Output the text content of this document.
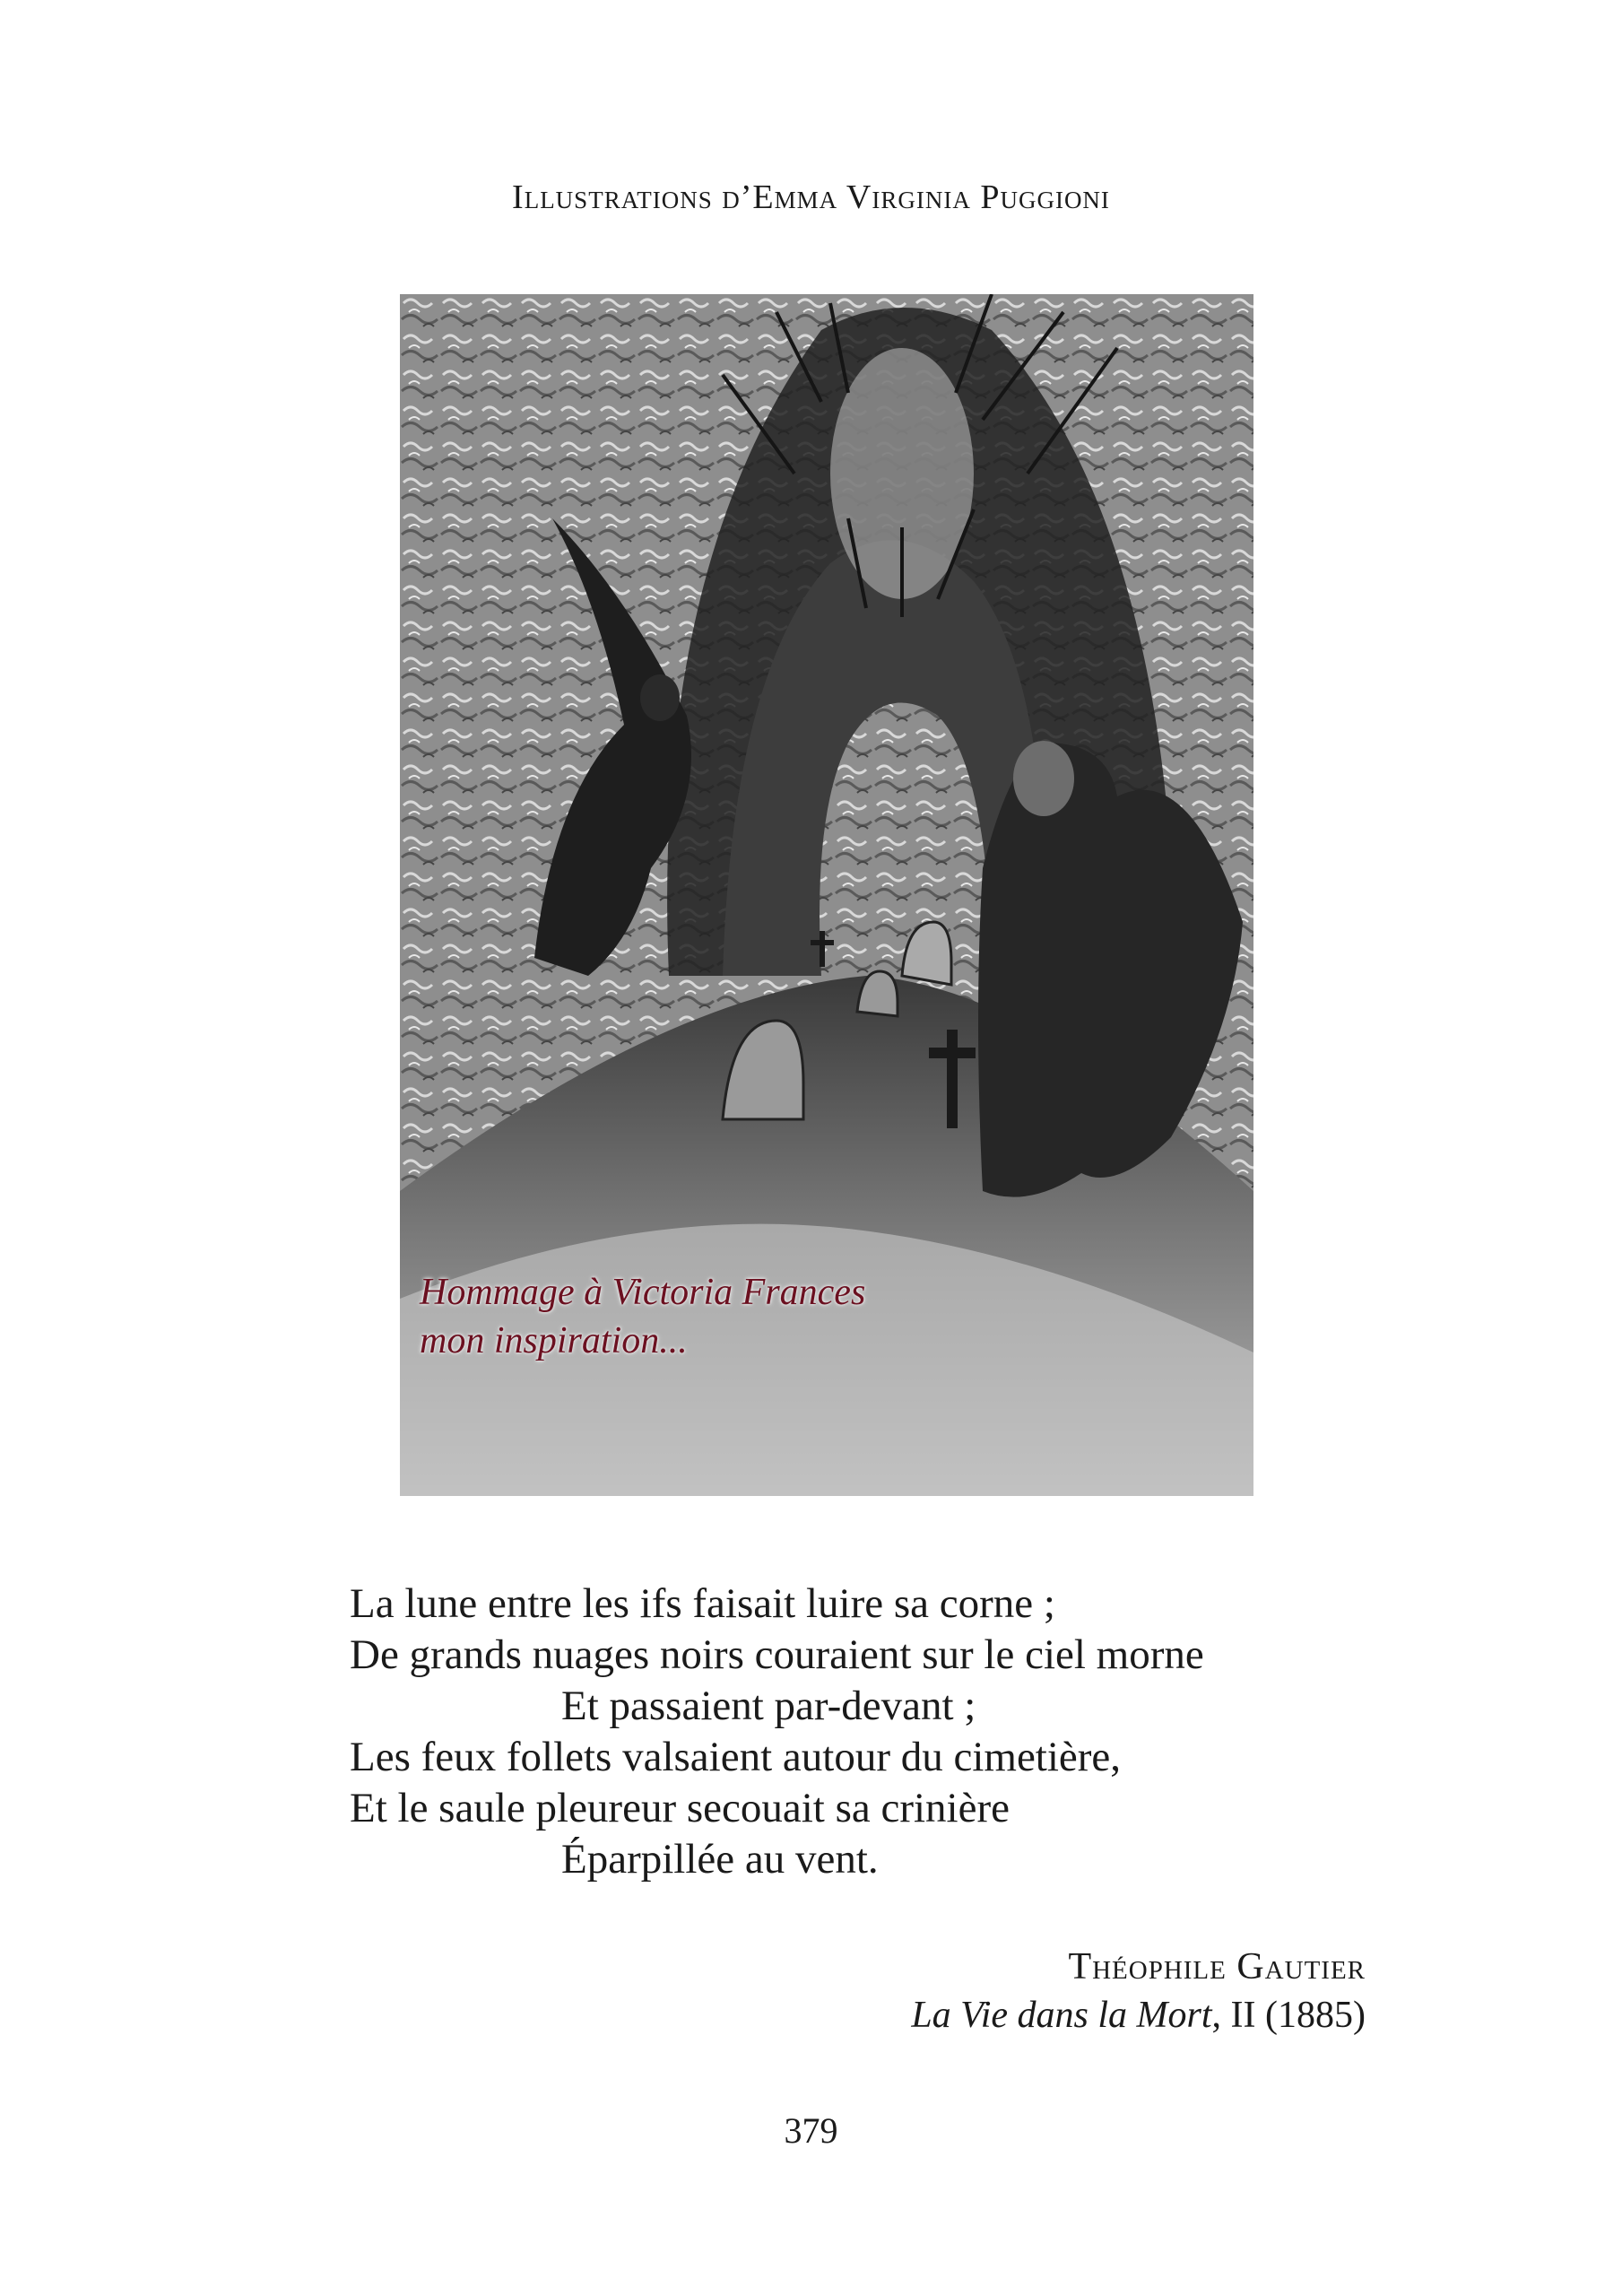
Illustrations d’Emma Virginia Puggioni
Hommage à Victoria Frances
mon inspiration...
La lune entre les ifs faisait luire sa corne ;
De grands nuages noirs couraient sur le ciel morne
Et passaient par-devant ;
Les feux follets valsaient autour du cimetière,
Et le saule pleureur secouait sa crinière
Éparpillée au vent.
Théophile Gautier
La Vie dans la Mort, II (1885)
379
